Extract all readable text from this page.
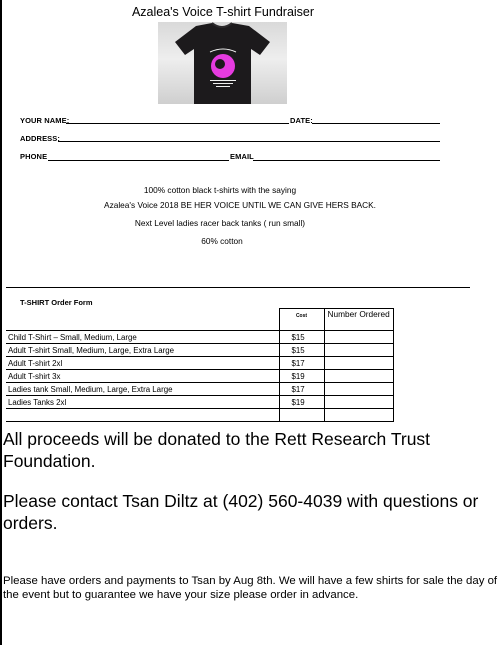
Azalea's Voice T-shirt Fundraiser
YOUR NAME:	DATE:
ADDRESS:
PHONE	EMAIL
100% cotton black t-shirts with the saying
Azalea's Voice 2018 BE HER VOICE UNTIL WE CAN GIVE HERS BACK.
Next Level ladies racer back tanks ( run small)
60% cotton
T-SHIRT Order Form
	Cost	Number Ordered
Child T-Shirt – Small, Medium, Large	$15	
Adult T-shirt Small, Medium, Large, Extra Large	$15	
Adult T-shirt 2xl	$17	
Adult T-shirt 3x	$19	
Ladies tank Small, Medium, Large, Extra Large	$17	
Ladies Tanks 2xl	$19	

All proceeds will be donated to the Rett Research Trust Foundation.
Please contact Tsan Diltz at (402) 560-4039 with questions or orders.
Please have orders and payments to Tsan by Aug 8th. We will have a few shirts for sale the day of the event but to guarantee we have your size please order in advance.
